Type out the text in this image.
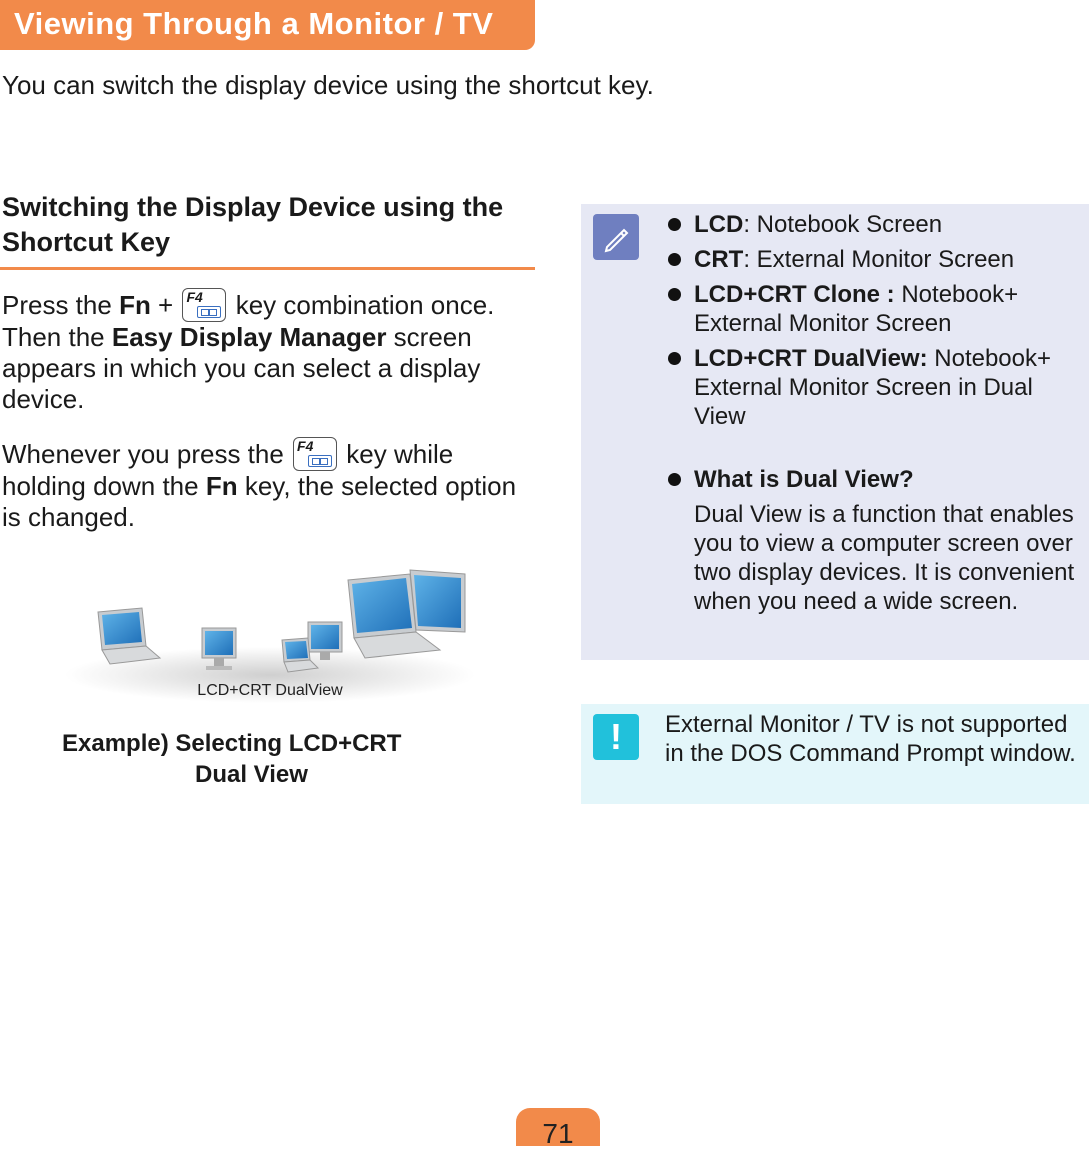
Viewing Through a Monitor / TV
You can switch the display device using the shortcut key.
Switching the Display Device using the Shortcut Key
Press the Fn + F4 key combination once. Then the Easy Display Manager screen appears in which you can select a display device.
Whenever you press the F4 key while holding down the Fn key, the selected option is changed.
LCD+CRT DualView
Example) Selecting LCD+CRT
Dual View
LCD: Notebook Screen
CRT: External Monitor Screen
LCD+CRT Clone : Notebook+ External Monitor Screen
LCD+CRT DualView: Notebook+ External Monitor Screen in Dual View
What is Dual View?
Dual View is a function that enables you to view a computer screen over two display devices. It is convenient when you need a wide screen.
!	External Monitor / TV is not supported in the DOS Command Prompt window.
71
